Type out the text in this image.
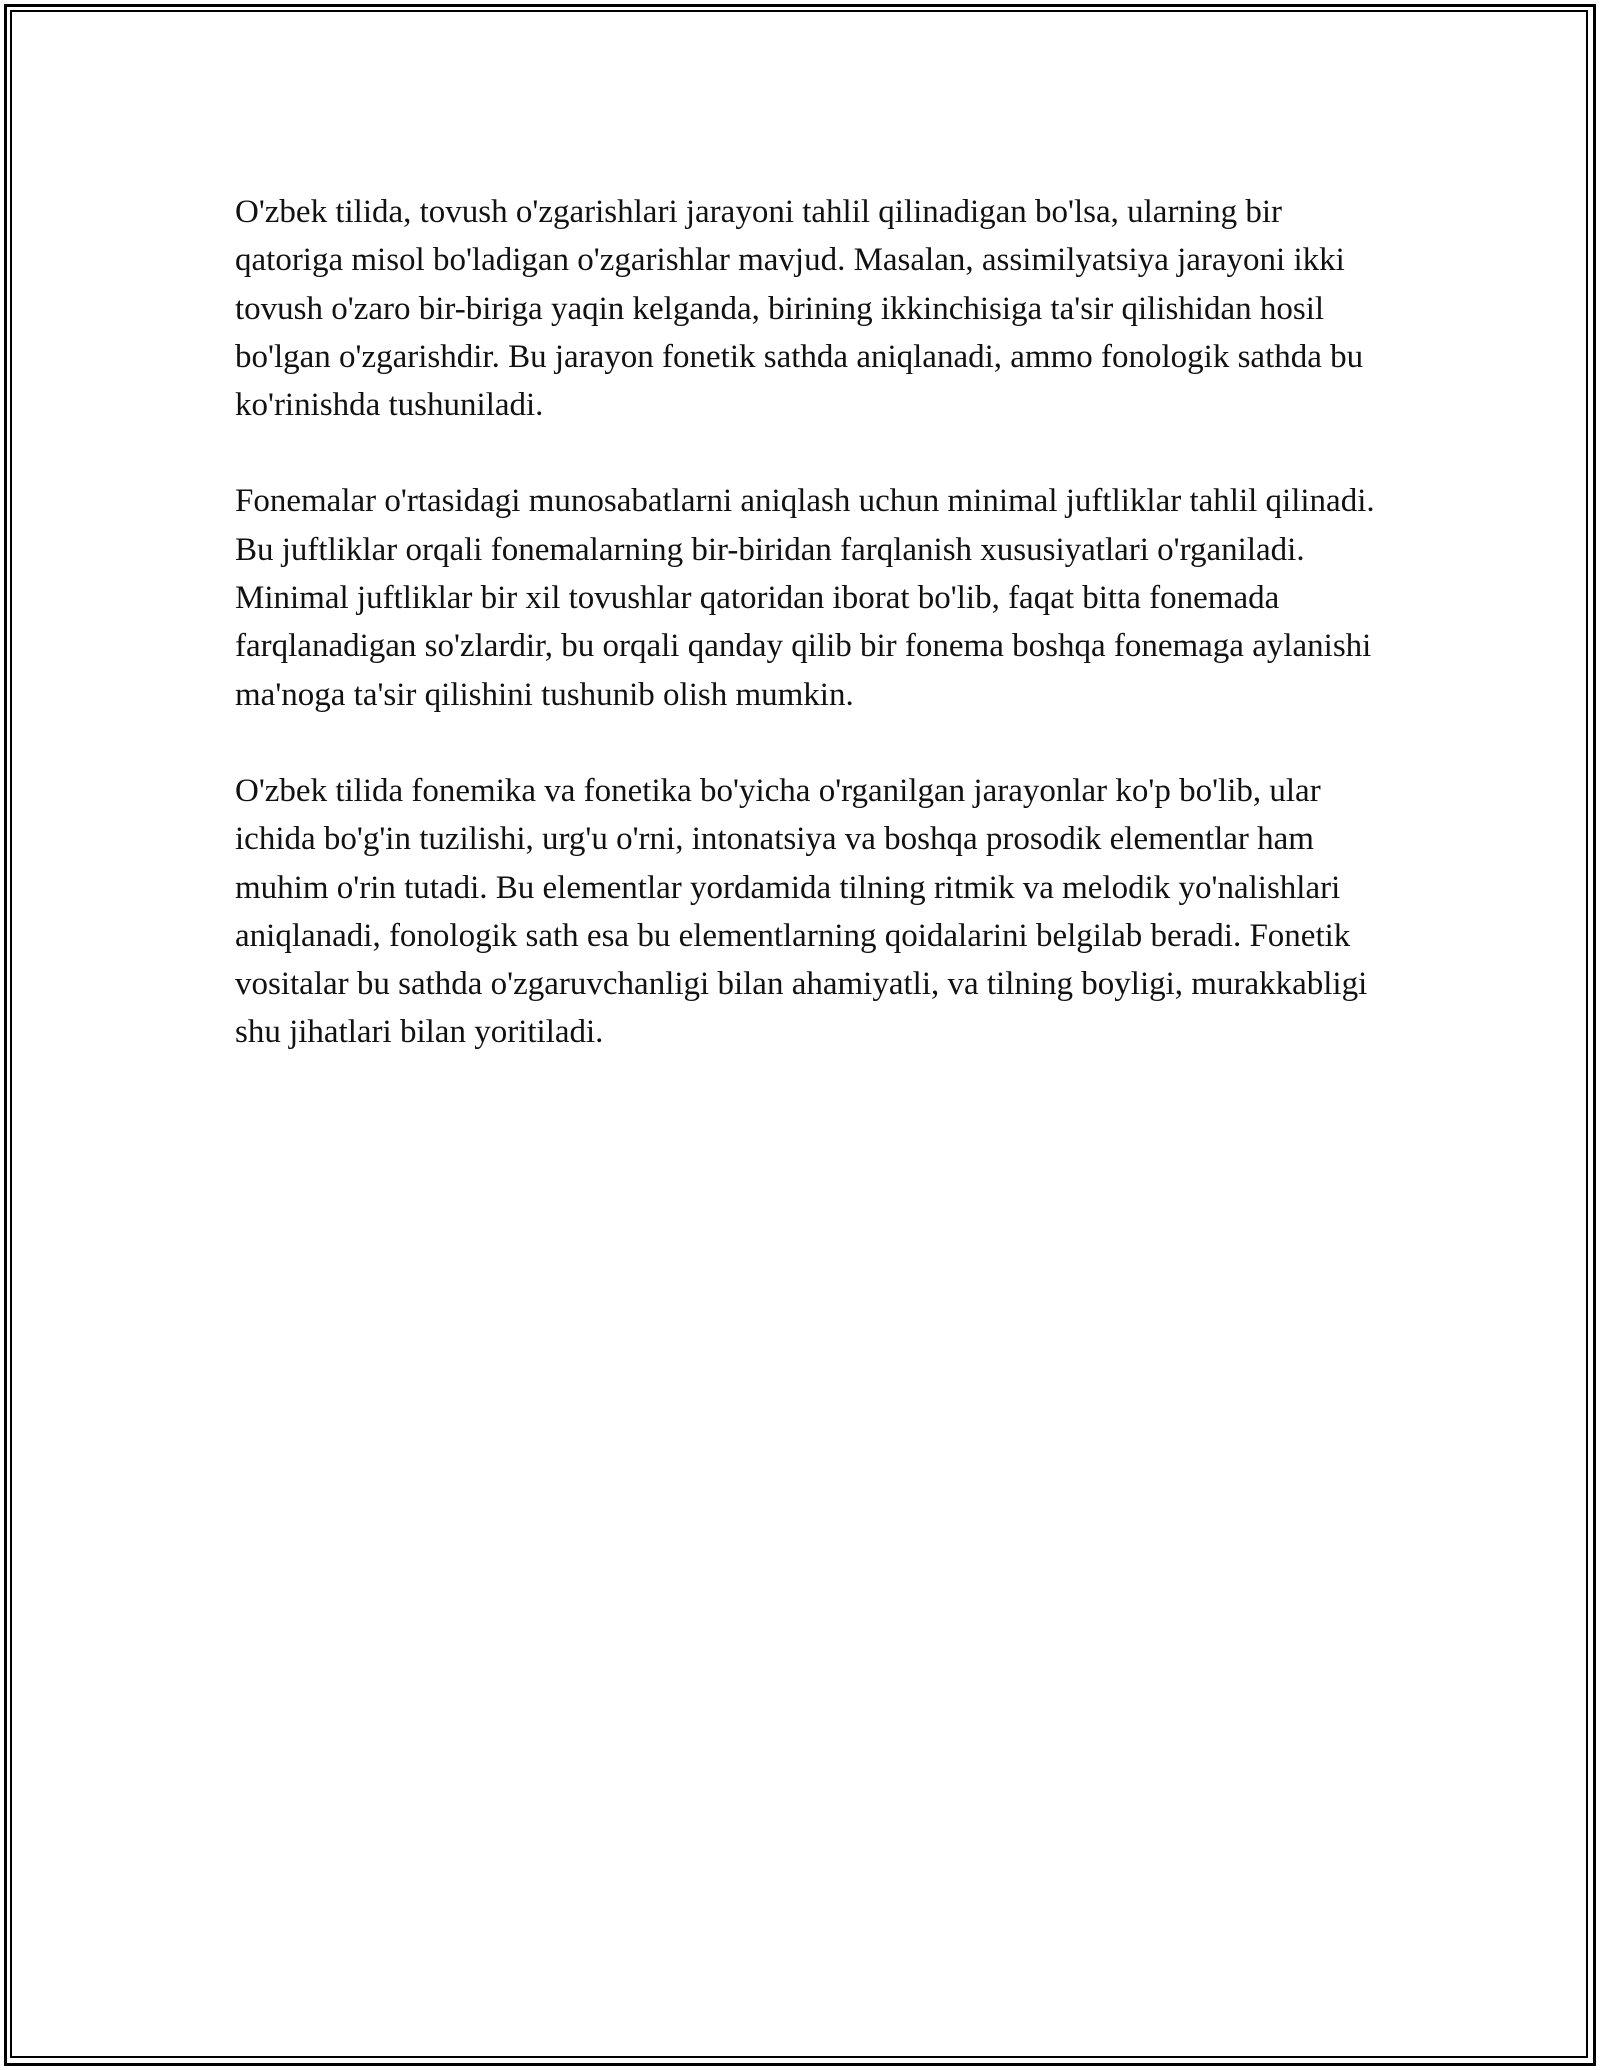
O'zbek tilida, tovush o'zgarishlari jarayoni tahlil qilinadigan bo'lsa, ularning bir qatoriga misol bo'ladigan o'zgarishlar mavjud. Masalan, assimilyatsiya jarayoni ikki tovush o'zaro bir-biriga yaqin kelganda, birining ikkinchisiga ta'sir qilishidan hosil bo'lgan o'zgarishdir. Bu jarayon fonetik sathda aniqlanadi, ammo fonologik sathda bu ko'rinishda tushuniladi.

Fonemalar o'rtasidagi munosabatlarni aniqlash uchun minimal juftliklar tahlil qilinadi. Bu juftliklar orqali fonemalarning bir-biridan farqlanish xususiyatlari o'rganiladi. Minimal juftliklar bir xil tovushlar qatoridan iborat bo'lib, faqat bitta fonemada farqlanadigan so'zlardir, bu orqali qanday qilib bir fonema boshqa fonemaga aylanishi ma'noga ta'sir qilishini tushunib olish mumkin.

O'zbek tilida fonemika va fonetika bo'yicha o'rganilgan jarayonlar ko'p bo'lib, ular ichida bo'g'in tuzilishi, urg'u o'rni, intonatsiya va boshqa prosodik elementlar ham muhim o'rin tutadi. Bu elementlar yordamida tilning ritmik va melodik yo'nalishlari aniqlanadi, fonologik sath esa bu elementlarning qoidalarini belgilab beradi. Fonetik vositalar bu sathda o'zgaruvchanligi bilan ahamiyatli, va tilning boyligi, murakkabligi shu jihatlari bilan yoritiladi.
